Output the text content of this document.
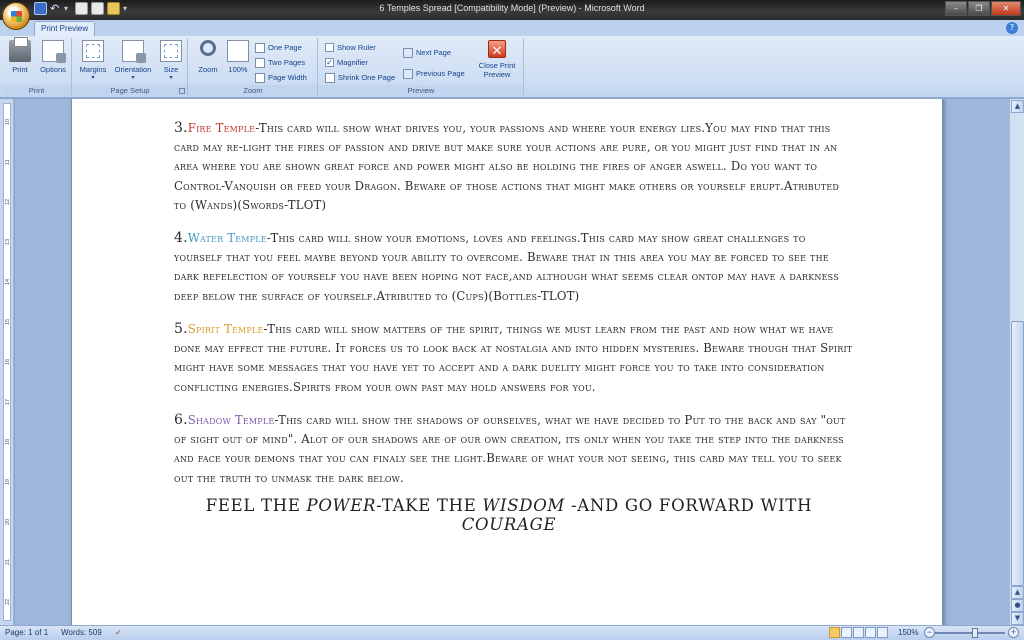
↶ ▾	▾	6 Temples Spread [Compatibility Mode] (Preview) - Microsoft Word	–	❐	✕
Print Preview	?
Print	Options
Print
Margins
▾
Orientation
▾
Size
▾
Page Setup
Zoom	100%
One Page
Two Pages
Page Width
Zoom
Show Ruler
✓ Magnifier
Shrink One Page
Next Page
Previous Page
✕
Close Print
Preview
Preview
10
11
12
13
14
15
16
17
18
19
20
21
22
3.Fire Temple-This card will show what drives you, your passions and where your energy lies.You may find that this card may re-light the fires of passion and drive but make sure your actions are pure, or you might just find that in an area where you are shown great force and power might also be holding the fires of anger aswell. Do you want to Control-Vanquish or feed your Dragon. Beware of those actions that might make others or yourself erupt.Atributed to (Wands)(Swords-TLOT)
4.Water Temple-This card will show your emotions, loves and feelings.This card may show great challenges to yourself that you feel maybe beyond your ability to overcome. Beware that in this area you may be forced to see the dark refelection of yourself you have been hoping not face,and although what seems clear ontop may have a darkness deep below the surface of yourself.Atributed to (Cups)(Bottles-TLOT)
5.Spirit Temple-This card will show matters of the spirit, things we must learn from the past and how what we have done may effect the future. It forces us to look back at nostalgia and into hidden mysteries. Beware though that Spirit might have some messages that you have yet to accept and a dark duelity might force you to take into consideration conflicting energies.Spirits from your own past may hold answers for you.
6.Shadow Temple-This card will show the shadows of ourselves, what we have decided to Put to the back and say "out of sight out of mind". Alot of our shadows are of our own creation, its only when you take the step into the darkness and face your demons that you can finaly see the light.Beware of what your not seeing, this card may tell you to seek out the truth to unmask the dark below.
FEEL THE POWER-TAKE THE WISDOM -AND GO FORWARD WITH COURAGE
▲
▲
●
▼
Page: 1 of 1 Words: 509 ✓	150% −	+
